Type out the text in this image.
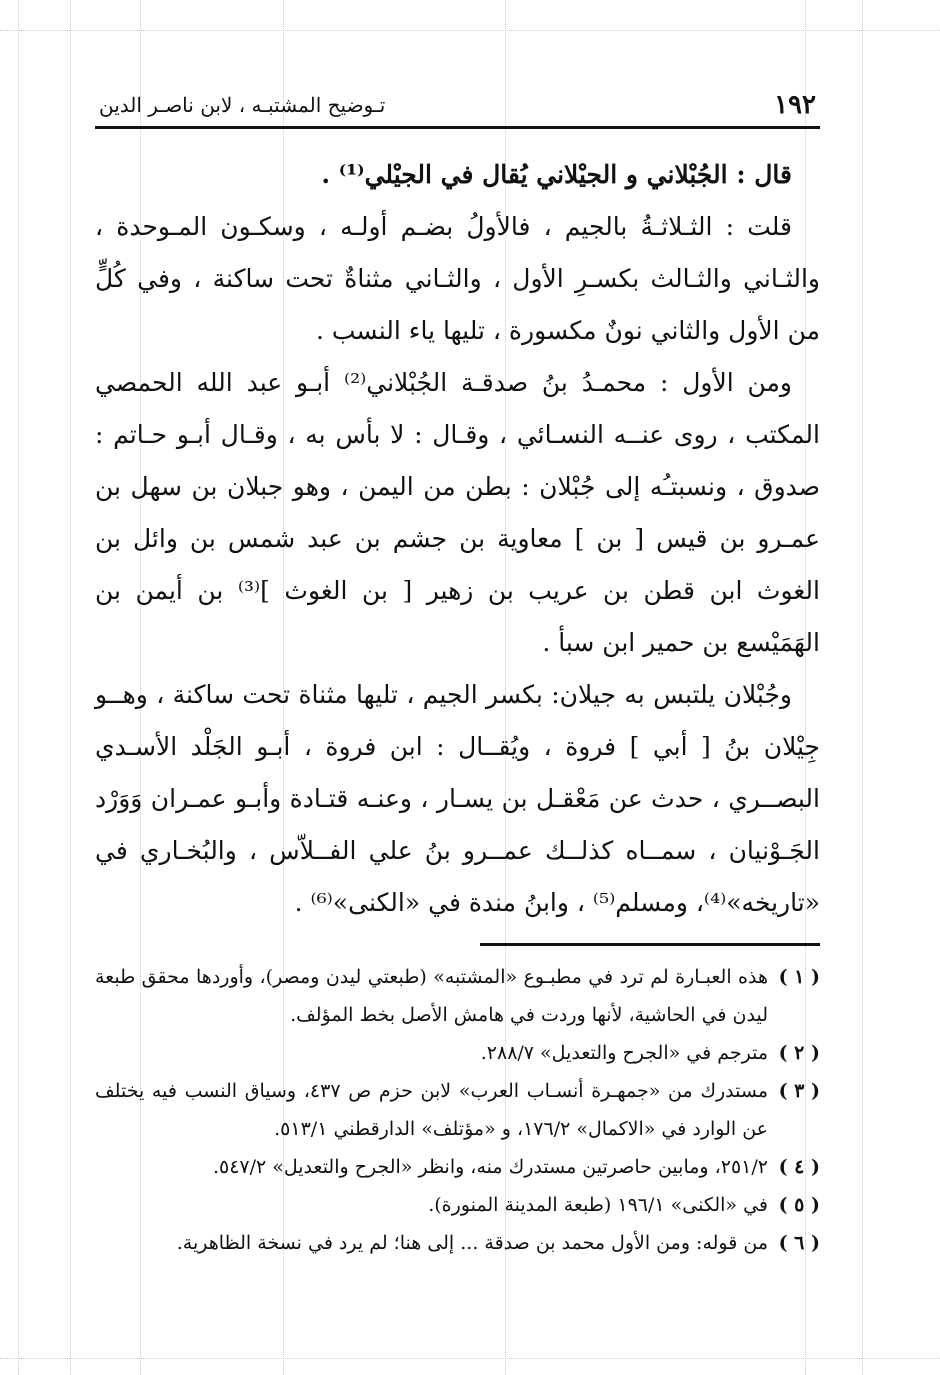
١٩٢
تـوضيح المشتبـه ، لابن ناصـر الدين

قال : الجُبْلاني و الجيْلاني يُقال في الجيْلي⁽¹⁾ .

قلت : الثـلاثـةُ بالجيم ، فالأولُ بضـم أولـه ، وسكـون المـوحدة ، والثـاني والثـالث بكسـرِ الأول ، والثـاني مثناةٌ تحت ساكنة ، وفي كُلٍّ من الأول والثاني نونٌ مكسورة ، تليها ياء النسب .

ومن الأول : محمـدُ بنُ صدقـة الجُبْلاني⁽²⁾ أبـو عبد الله الحمصي المكتب ، روى عنــه النسـائي ، وقـال : لا بأس به ، وقـال أبـو حـاتم : صدوق ، ونسبتـُه إلى جُبْلان : بطن من اليمن ، وهو جبلان بن سهل بن عمـرو بن قيس [ بن ] معاوية بن جشم بن عبد شمس بن وائل بن الغوث ابن قطن بن عريب بن زهير [ بن الغوث ]⁽³⁾ بن أيمن بن الهَمَيْسع بن حمير ابن سبأ .

وجُبْلان يلتبس به جيلان: بكسر الجيم ، تليها مثناة تحت ساكنة ، وهــو جِيْلان بنُ [ أبي ] فروة ، ويُقــال : ابن فروة ، أبـو الجَلْد الأسـدي البصــري ، حدث عن مَعْقـل بن يسـار ، وعنـه قتـادة وأبـو عمـران وَوَرْد الجَـوْنيان ، سمــاه كذلــك عمــرو بنُ علي الفــلاّس ، والبُخـاري في «تاريخه»⁽⁴⁾، ومسلم⁽⁵⁾ ، وابنُ مندة في «الكنى»⁽⁶⁾ .

( ١ )
هذه العبـارة لم ترد في مطبـوع «المشتبه» (طبعتي ليدن ومصر)، وأوردها محقق طبعة ليدن في الحاشية، لأنها وردت في هامش الأصل بخط المؤلف.
( ٢ )
مترجم في «الجرح والتعديل» ٢٨٨/٧.
( ٣ )
مستدرك من «جمهـرة أنسـاب العرب» لابن حزم ص ٤٣٧، وسياق النسب فيه يختلف عن الوارد في «الاكمال» ١٧٦/٢، و «مؤتلف» الدارقطني ٥١٣/١.
( ٤ )
٢٥١/٢، ومابين حاصرتين مستدرك منه، وانظر «الجرح والتعديل» ٥٤٧/٢.
( ٥ )
في «الكنى» ١٩٦/١ (طبعة المدينة المنورة).
( ٦ )
من قوله: ومن الأول محمد بن صدقة ... إلى هنا؛ لم يرد في نسخة الظاهرية.
